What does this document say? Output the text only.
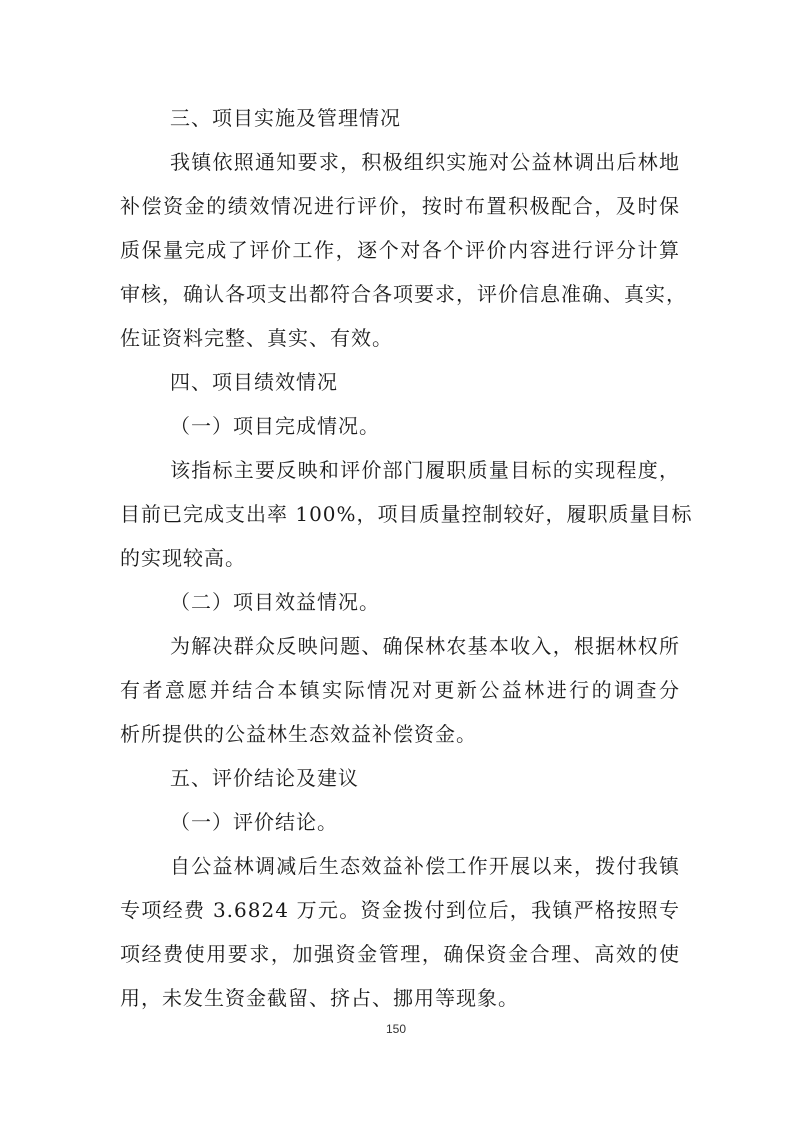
三、项目实施及管理情况
我镇依照通知要求，积极组织实施对公益林调出后林地
补偿资金的绩效情况进行评价，按时布置积极配合，及时保
质保量完成了评价工作，逐个对各个评价内容进行评分计算
审核，确认各项支出都符合各项要求，评价信息准确、真实，
佐证资料完整、真实、有效。
四、项目绩效情况
（一）项目完成情况。
该指标主要反映和评价部门履职质量目标的实现程度，
目前已完成支出率 100%，项目质量控制较好，履职质量目标
的实现较高。
（二）项目效益情况。
为解决群众反映问题、确保林农基本收入，根据林权所
有者意愿并结合本镇实际情况对更新公益林进行的调查分
析所提供的公益林生态效益补偿资金。
五、评价结论及建议
（一）评价结论。
自公益林调减后生态效益补偿工作开展以来，拨付我镇
专项经费 3.6824 万元。资金拨付到位后，我镇严格按照专
项经费使用要求，加强资金管理，确保资金合理、高效的使
用，未发生资金截留、挤占、挪用等现象。
150
